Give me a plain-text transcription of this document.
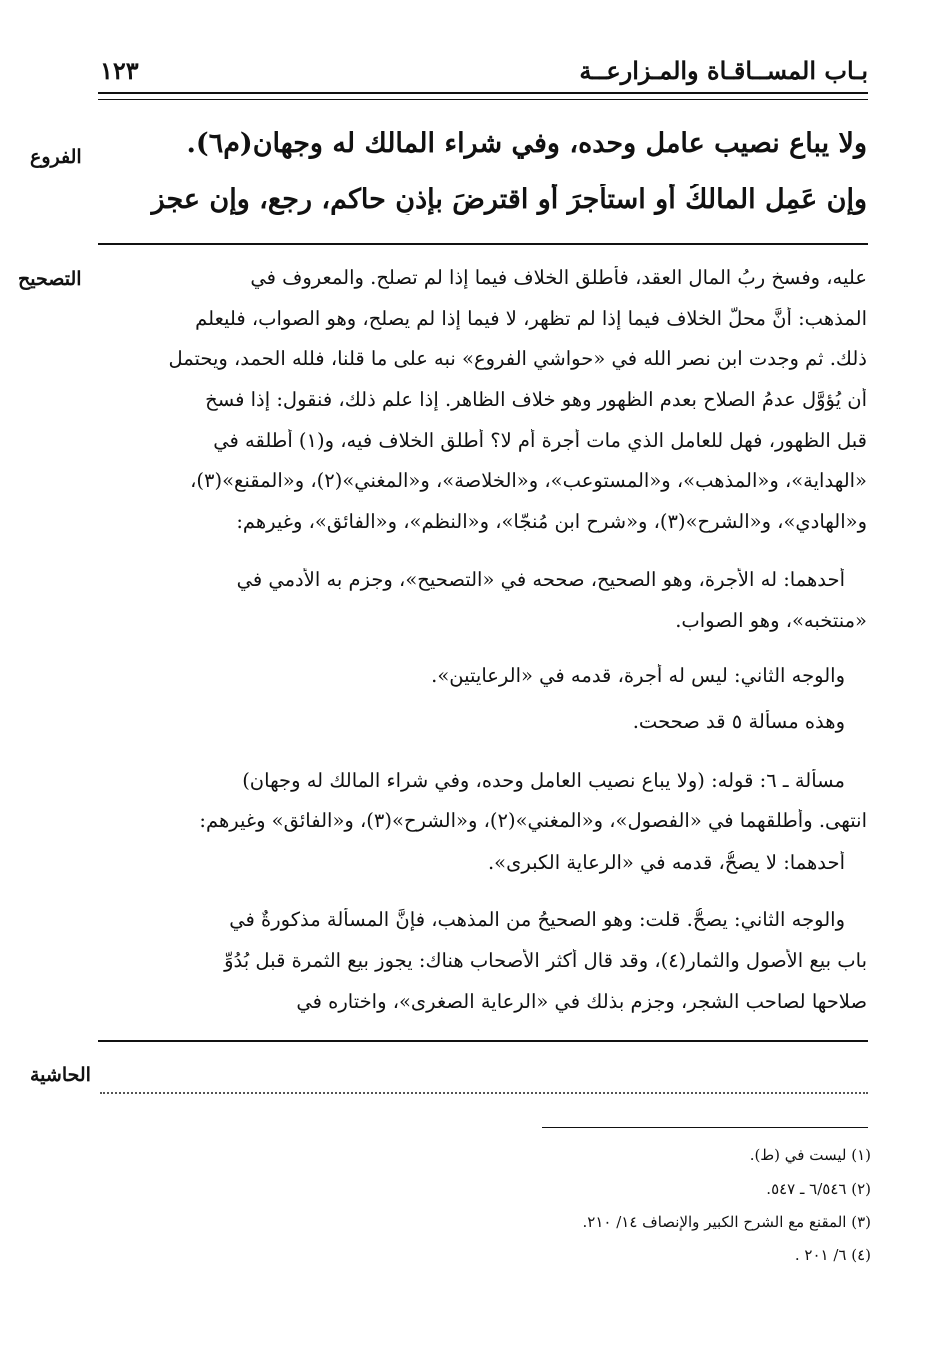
بـاب المســاقـاة والمـزارعــة
١٢٣
الفروع	ولا يباع نصيب عامل وحده، وفي شراء المالك له وجهان(م٦).
وإن عَمِل المالكُ أو استأجرَ أو اقترضَ بإذنِ حاكمٍ، رجع، وإن عجز
التصحيح	عليه، وفسخ ربُ المال العقد، فأطلق الخلاف فيما إذا لم تصلح. والمعروف في
المذهب: أنَّ محلَّ الخلاف فيما إذا لم تظهر، لا فيما إذا لم يصلح، وهو الصواب، فليعلم
ذلك. ثم وجدت ابن نصر الله في «حواشي الفروع» نبه على ما قلنا، فلله الحمد، ويحتمل
أن يُؤوَّل عدمُ الصلاح بعدم الظهور وهو خلاف الظاهر. إذا علم ذلك، فنقول: إذا فسخ
قبل الظهور، فهل للعامل الذي مات أجرة أم لا؟ أطلق الخلاف فيه، و(١) أطلقه في
«الهداية»، و«المذهب»، و«المستوعب»، و«الخلاصة»، و«المغني»(٢)، و«المقنع»(٣)،
و«الهادي»، و«الشرح»(٣)، و«شرح ابن مُنجّا»، و«النظم»، و«الفائق»، وغيرهم:
أحدهما: له الأجرة، وهو الصحيح، صححه في «التصحيح»، وجزم به الأدمي في
«منتخبه»، وهو الصواب.
والوجه الثاني: ليس له أجرة، قدمه في «الرعايتين».
وهذه مسألة ٥ قد صححت.
مسألة ـ ٦: قوله: (ولا يباع نصيب العامل وحده، وفي شراء المالك له وجهان)
انتهى. وأطلقهما في «الفصول»، و«المغني»(٢)، و«الشرح»(٣)، و«الفائق» وغيرهم:
أحدهما: لا يصحُّ، قدمه في «الرعاية الكبرى».
والوجه الثاني: يصحُّ. قلت: وهو الصحيحُ من المذهب، فإنَّ المسألة مذكورةٌ في
باب بيع الأصول والثمار(٤)، وقد قال أكثر الأصحاب هناك: يجوز بيع الثمرة قبل بُدُوِّ
صلاحها لصاحب الشجر، وجزم بذلك في «الرعاية الصغرى»، واختاره في
الحاشية
(١) ليست في (ط).
(٢) ٦/٥٤٦ ـ ٥٤٧.
(٣) المقنع مع الشرح الكبير والإنصاف ١٤/ ٢١٠.
(٤) ٦/ ٢٠١ .
